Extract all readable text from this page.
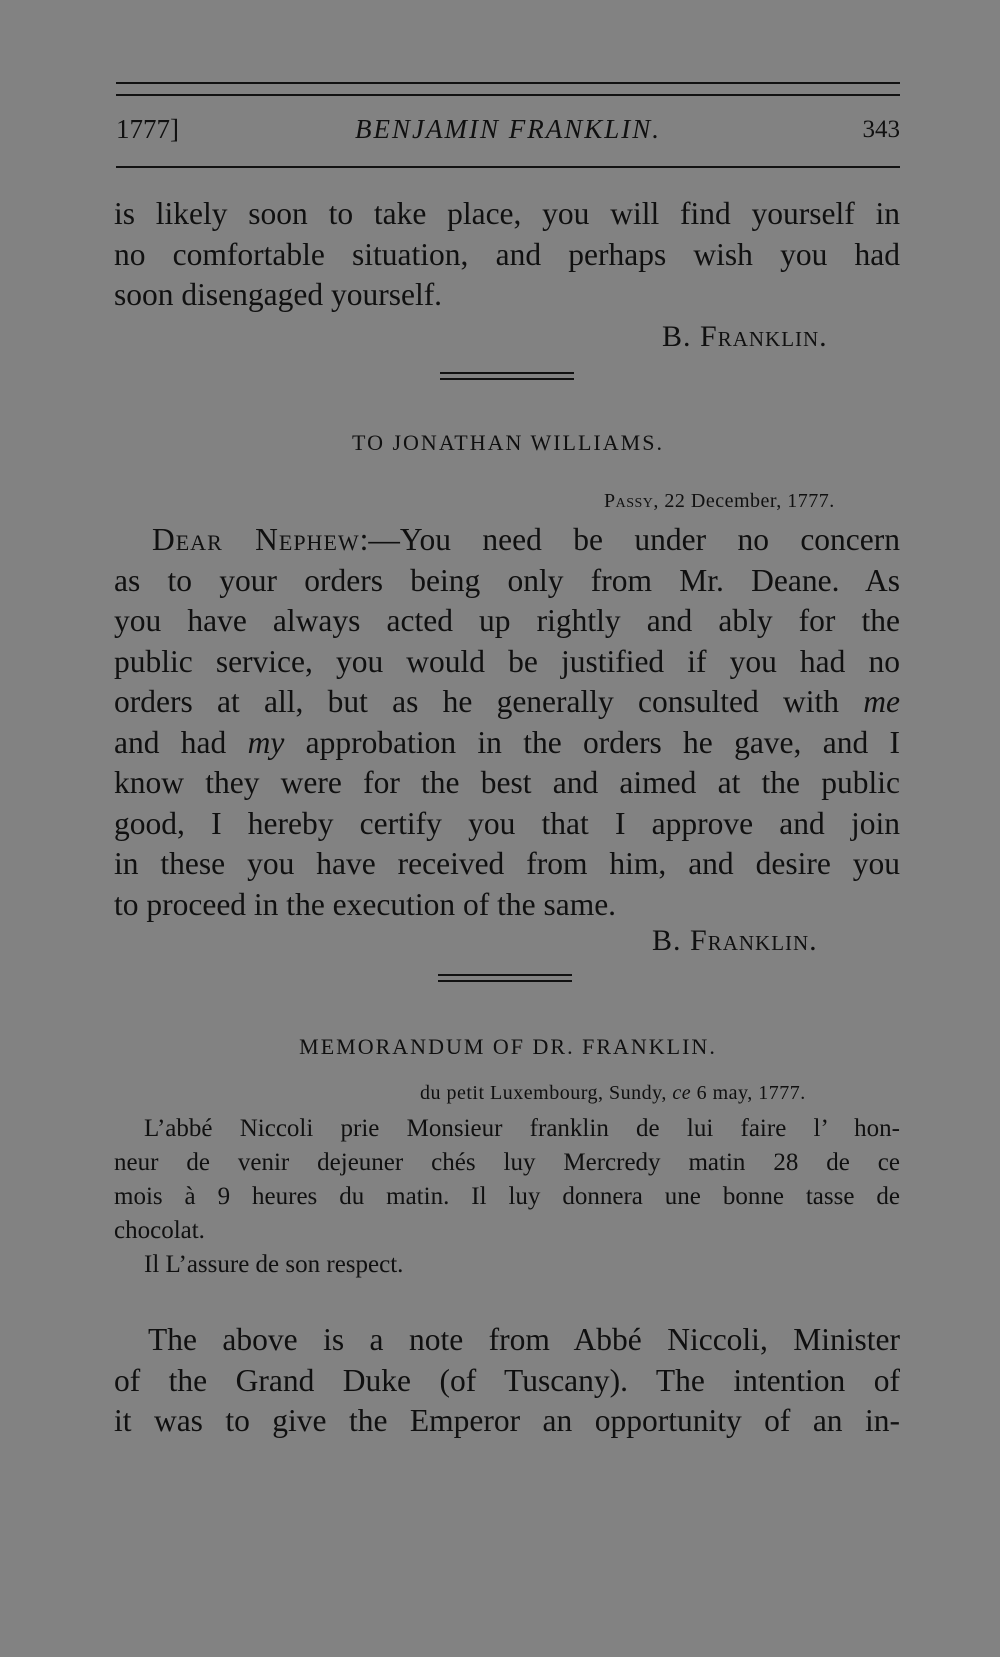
1777]	BENJAMIN FRANKLIN.	343
is likely soon to take place, you will find yourself in
no comfortable situation, and perhaps wish you had
soon disengaged yourself.
B. Franklin.
TO JONATHAN WILLIAMS.
Passy, 22 December, 1777.
Dear Nephew:—You need be under no concern
as to your orders being only from Mr. Deane. As
you have always acted up rightly and ably for the
public service, you would be justified if you had no
orders at all, but as he generally consulted with me
and had my approbation in the orders he gave, and I
know they were for the best and aimed at the public
good, I hereby certify you that I approve and join
in these you have received from him, and desire you
to proceed in the execution of the same.
B. Franklin.
MEMORANDUM OF DR. FRANKLIN.
du petit Luxembourg, Sundy, ce 6 may, 1777.
L’abbé Niccoli prie Monsieur franklin de lui faire l’ hon-
neur de venir dejeuner chés luy Mercredy matin 28 de ce
mois à 9 heures du matin. Il luy donnera une bonne tasse de
chocolat.
Il L’assure de son respect.
The above is a note from Abbé Niccoli, Minister
of the Grand Duke (of Tuscany). The intention of
it was to give the Emperor an opportunity of an in-
